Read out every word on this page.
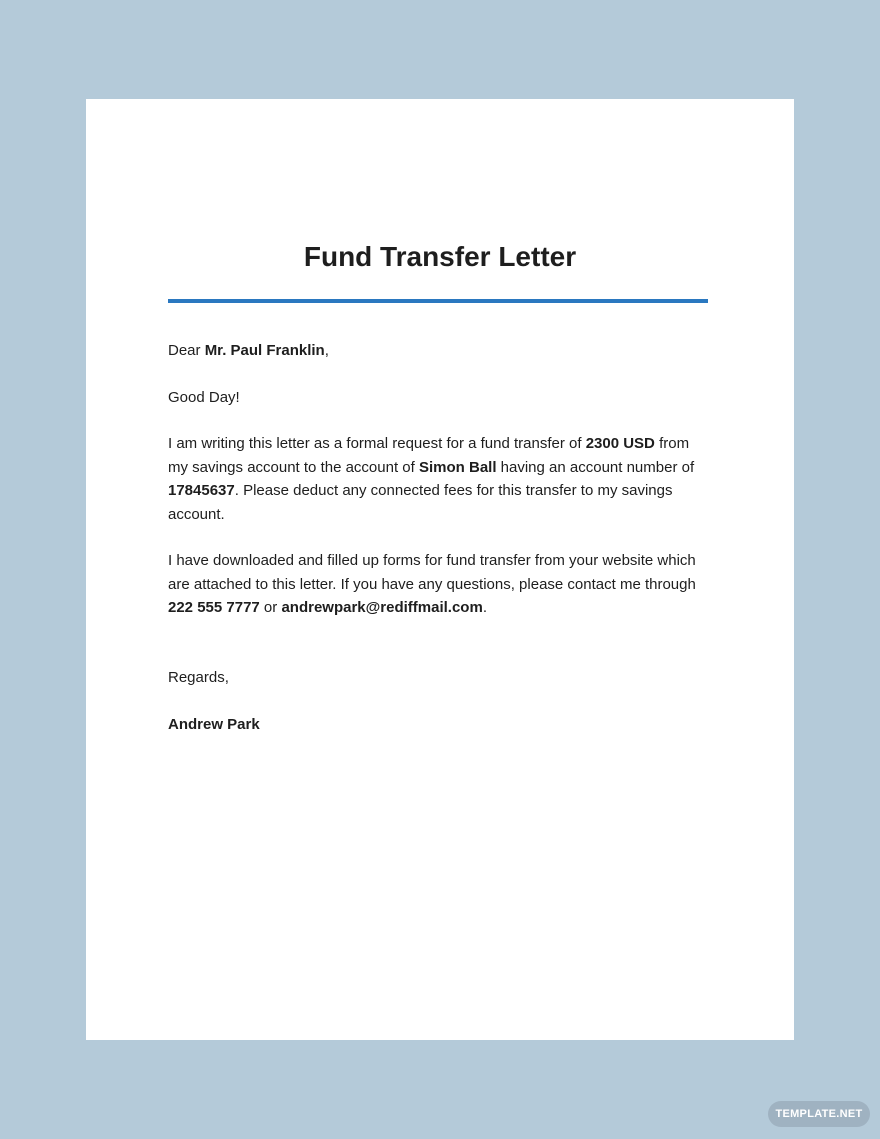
Fund Transfer Letter

Dear Mr. Paul Franklin,

Good Day!

I am writing this letter as a formal request for a fund transfer of 2300 USD from my savings account to the account of Simon Ball having an account number of 17845637. Please deduct any connected fees for this transfer to my savings account.

I have downloaded and filled up forms for fund transfer from your website which are attached to this letter. If you have any questions, please contact me through 222 555 7777 or andrewpark@rediffmail.com.

Regards,

Andrew Park

TEMPLATE.NET
